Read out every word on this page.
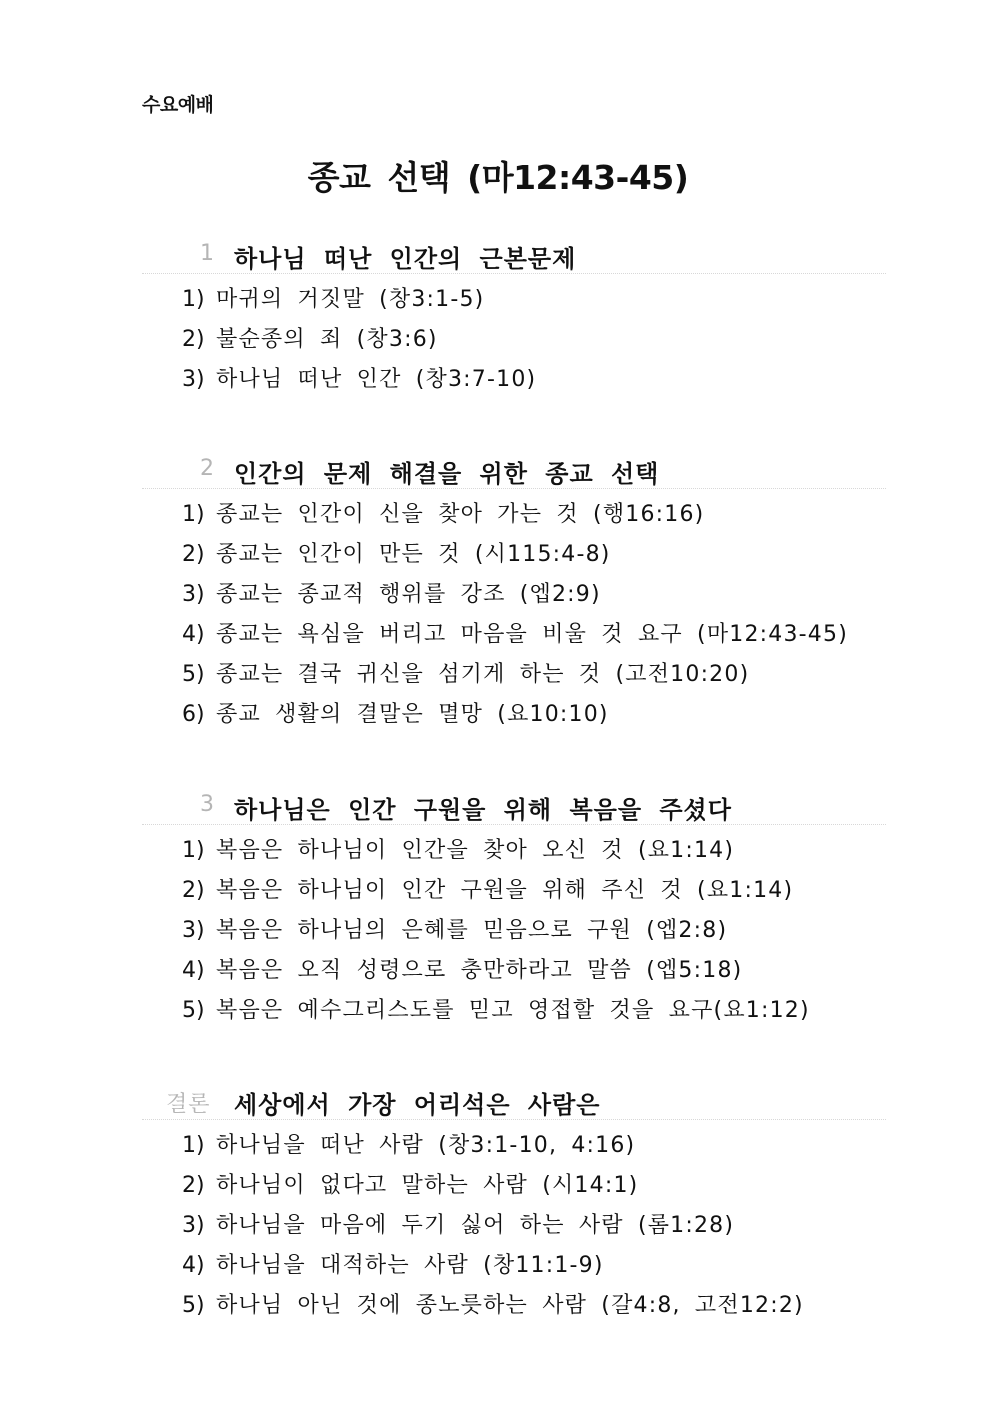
수요예배
종교 선택 (마12:43-45)
1 하나님 떠난 인간의 근본문제
1) 마귀의 거짓말 (창3:1-5)
2) 불순종의 죄 (창3:6)
3) 하나님 떠난 인간 (창3:7-10)
2 인간의 문제 해결을 위한 종교 선택
1) 종교는 인간이 신을 찾아 가는 것 (행16:16)
2) 종교는 인간이 만든 것 (시115:4-8)
3) 종교는 종교적 행위를 강조 (엡2:9)
4) 종교는 욕심을 버리고 마음을 비울 것 요구 (마12:43-45)
5) 종교는 결국 귀신을 섬기게 하는 것 (고전10:20)
6) 종교 생활의 결말은 멸망 (요10:10)
3 하나님은 인간 구원을 위해 복음을 주셨다
1) 복음은 하나님이 인간을 찾아 오신 것 (요1:14)
2) 복음은 하나님이 인간 구원을 위해 주신 것 (요1:14)
3) 복음은 하나님의 은혜를 믿음으로 구원 (엡2:8)
4) 복음은 오직 성령으로 충만하라고 말씀 (엡5:18)
5) 복음은 예수그리스도를 믿고 영접할 것을 요구(요1:12)
결론 세상에서 가장 어리석은 사람은
1) 하나님을 떠난 사람 (창3:1-10, 4:16)
2) 하나님이 없다고 말하는 사람 (시14:1)
3) 하나님을 마음에 두기 싫어 하는 사람 (롬1:28)
4) 하나님을 대적하는 사람 (창11:1-9)
5) 하나님 아닌 것에 종노릇하는 사람 (갈4:8, 고전12:2)
